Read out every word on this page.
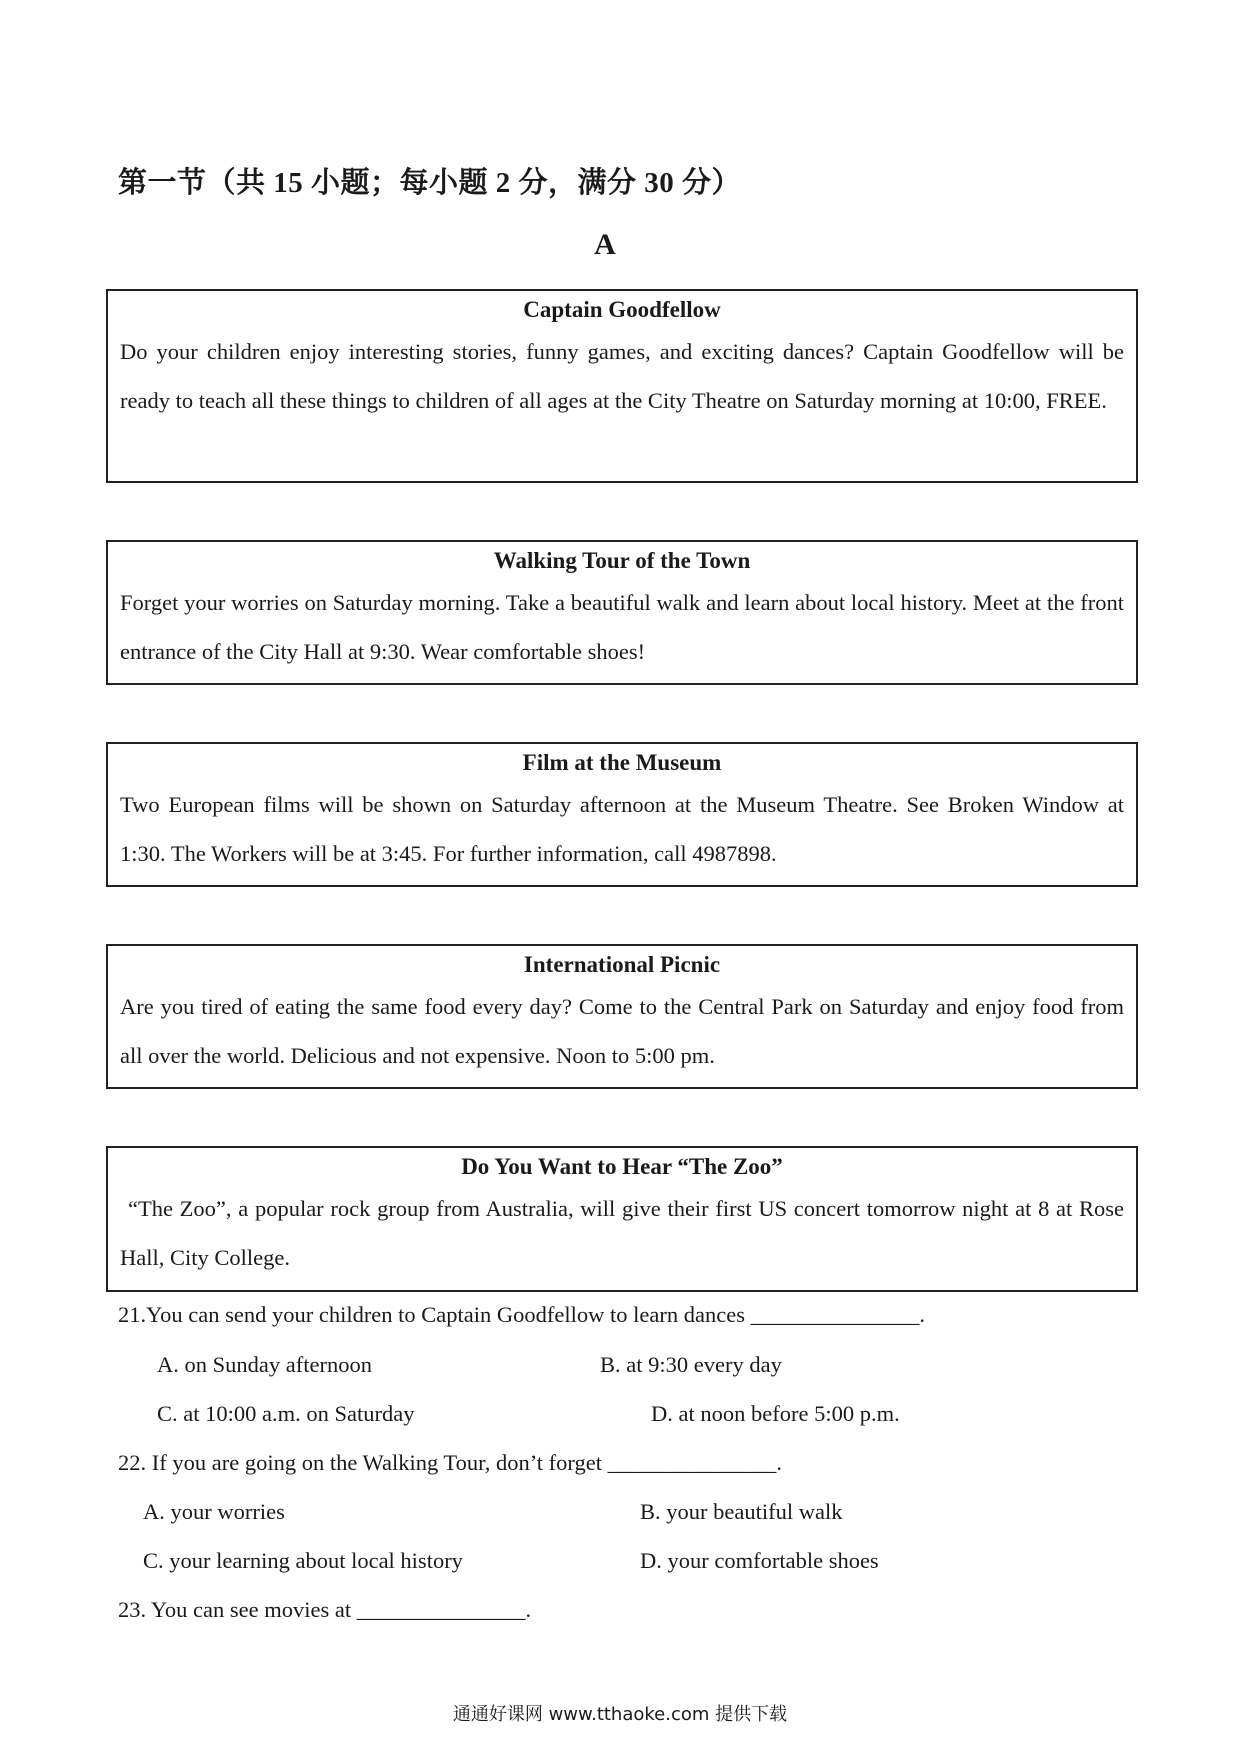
第一节（共 15 小题；每小题 2 分，满分 30 分）
A
Captain Goodfellow
Do your children enjoy interesting stories, funny games, and exciting dances? Captain Goodfellow will be ready to teach all these things to children of all ages at the City Theatre on Saturday morning at 10:00, FREE.
Walking Tour of the Town
Forget your worries on Saturday morning. Take a beautiful walk and learn about local history. Meet at the front entrance of the City Hall at 9:30. Wear comfortable shoes!
Film at the Museum
Two European films will be shown on Saturday afternoon at the Museum Theatre. See Broken Window at 1:30. The Workers will be at 3:45. For further information, call 4987898.
International Picnic
Are you tired of eating the same food every day? Come to the Central Park on Saturday and enjoy food from all over the world. Delicious and not expensive. Noon to 5:00 pm.
Do You Want to Hear “The Zoo”
“The Zoo”, a popular rock group from Australia, will give their first US concert tomorrow night at 8 at Rose Hall, City College.
21.You can send your children to Captain Goodfellow to learn dances _______________.
A. on Sunday afternoon	B. at 9:30 every day
C. at 10:00 a.m. on Saturday	D. at noon before 5:00 p.m.
22. If you are going on the Walking Tour, don’t forget _______________.
A. your worries	B. your beautiful walk
C. your learning about local history	D. your comfortable shoes
23. You can see movies at _______________.
通通好课网 www.tthaoke.com 提供下载
